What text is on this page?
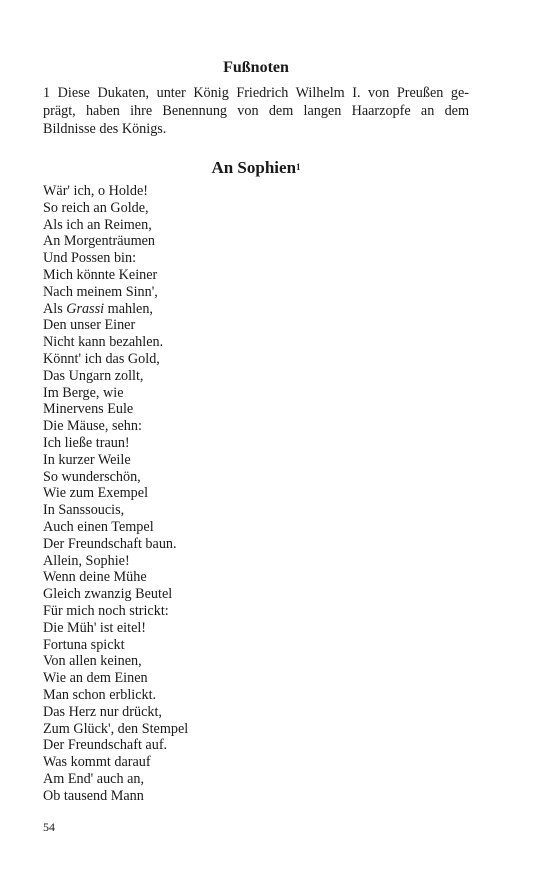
Fußnoten
1 Diese Dukaten, unter König Friedrich Wilhelm I. von Preußen ge-
prägt, haben ihre Benennung von dem langen Haarzopfe an dem
Bildnisse des Königs.
An Sophien$^1$
Wär' ich, o Holde!
So reich an Golde,
Als ich an Reimen,
An Morgenträumen
Und Possen bin:
Mich könnte Keiner
Nach meinem Sinn',
Als Grassi mahlen,
Den unser Einer
Nicht kann bezahlen.
Könnt' ich das Gold,
Das Ungarn zollt,
Im Berge, wie
Minervens Eule
Die Mäuse, sehn:
Ich ließe traun!
In kurzer Weile
So wunderschön,
Wie zum Exempel
In Sanssoucis,
Auch einen Tempel
Der Freundschaft baun.
Allein, Sophie!
Wenn deine Mühe
Gleich zwanzig Beutel
Für mich noch strickt:
Die Müh' ist eitel!
Fortuna spickt
Von allen keinen,
Wie an dem Einen
Man schon erblickt.
Das Herz nur drückt,
Zum Glück', den Stempel
Der Freundschaft auf.
Was kommt darauf
Am End' auch an,
Ob tausend Mann
54
